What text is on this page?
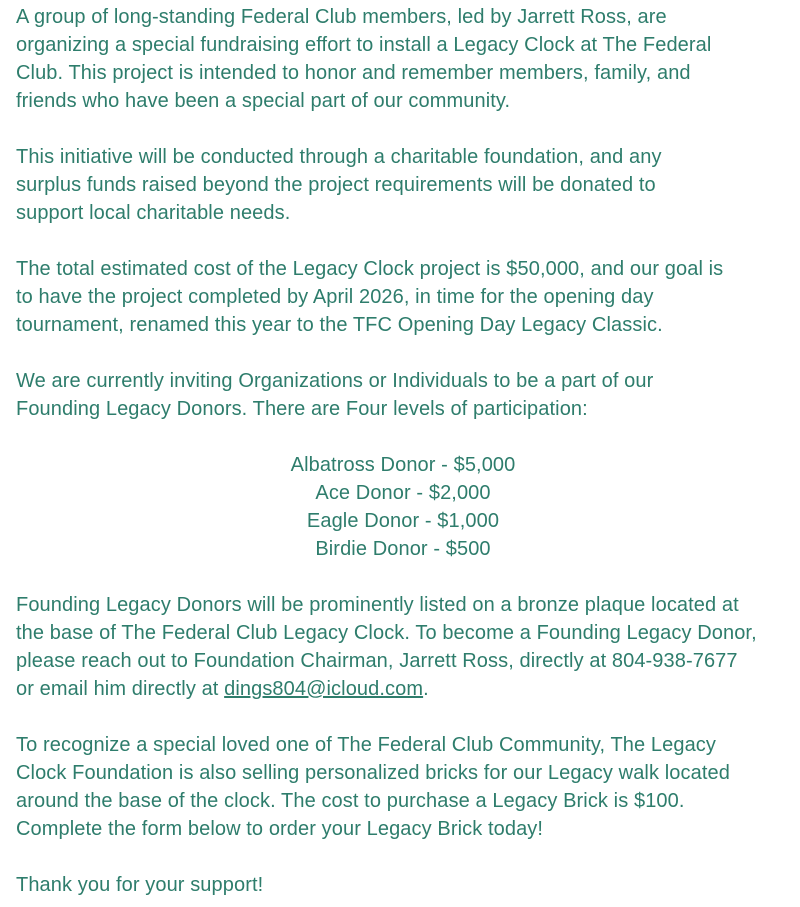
A group of long-standing Federal Club members, led by Jarrett Ross, are
organizing a special fundraising effort to install a Legacy Clock at The Federal
Club. This project is intended to honor and remember members, family, and
friends who have been a special part of our community.

This initiative will be conducted through a charitable foundation, and any
surplus funds raised beyond the project requirements will be donated to
support local charitable needs.

The total estimated cost of the Legacy Clock project is $50,000, and our goal is
to have the project completed by April 2026, in time for the opening day
tournament, renamed this year to the TFC Opening Day Legacy Classic.

We are currently inviting Organizations or Individuals to be a part of our
Founding Legacy Donors. There are Four levels of participation:

Albatross Donor - $5,000
Ace Donor - $2,000
Eagle Donor - $1,000
Birdie Donor - $500

Founding Legacy Donors will be prominently listed on a bronze plaque located at
the base of The Federal Club Legacy Clock. To become a Founding Legacy Donor,
please reach out to Foundation Chairman, Jarrett Ross, directly at 804-938-7677
or email him directly at dings804@icloud.com.

To recognize a special loved one of The Federal Club Community, The Legacy
Clock Foundation is also selling personalized bricks for our Legacy walk located
around the base of the clock. The cost to purchase a Legacy Brick is $100.
Complete the form below to order your Legacy Brick today!

Thank you for your support!
